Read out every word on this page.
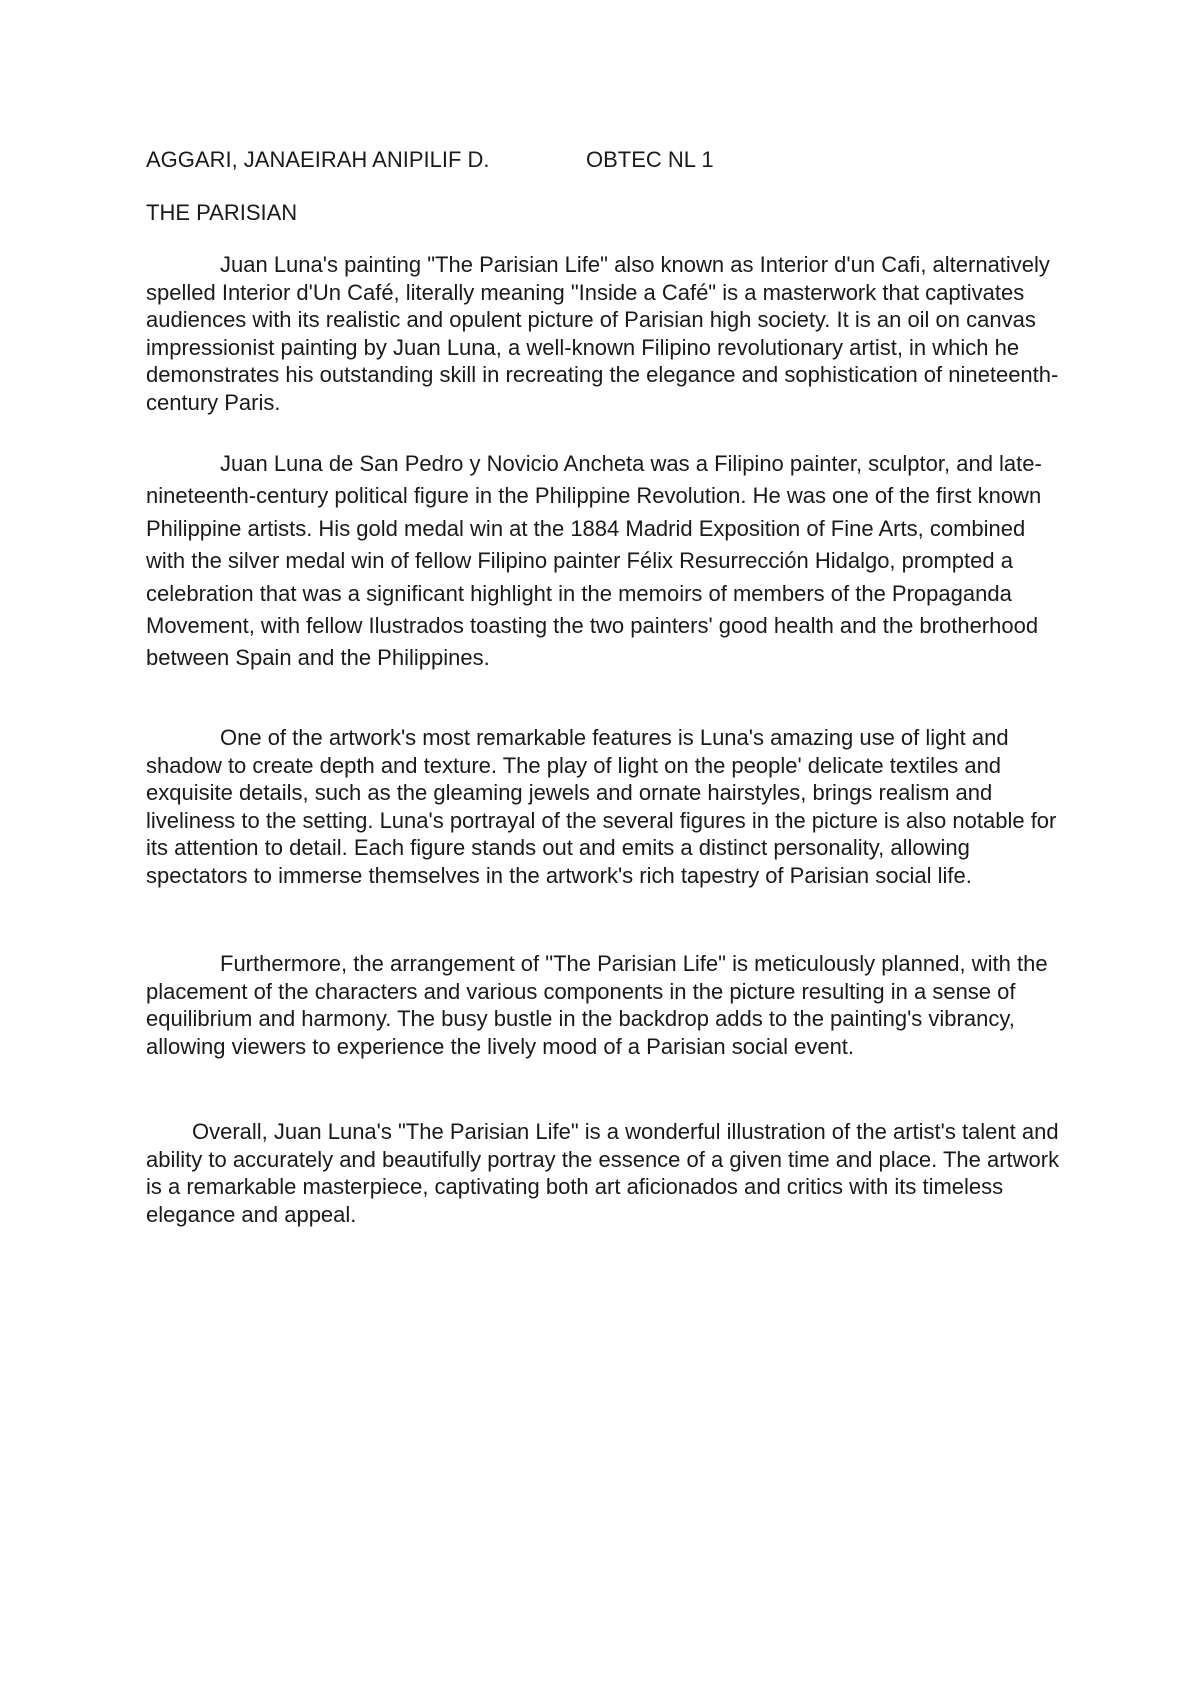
AGGARI, JANAEIRAH ANIPILIF D.	OBTEC NL 1
THE PARISIAN

Juan Luna's painting "The Parisian Life" also known as Interior d'un Cafi, alternatively spelled Interior d'Un Café, literally meaning "Inside a Café" is a masterwork that captivates audiences with its realistic and opulent picture of Parisian high society. It is an oil on canvas impressionist painting by Juan Luna, a well-known Filipino revolutionary artist, in which he demonstrates his outstanding skill in recreating the elegance and sophistication of nineteenth-century Paris.

Juan Luna de San Pedro y Novicio Ancheta was a Filipino painter, sculptor, and late-nineteenth-century political figure in the Philippine Revolution. He was one of the first known Philippine artists. His gold medal win at the 1884 Madrid Exposition of Fine Arts, combined with the silver medal win of fellow Filipino painter Félix Resurrección Hidalgo, prompted a celebration that was a significant highlight in the memoirs of members of the Propaganda Movement, with fellow Ilustrados toasting the two painters' good health and the brotherhood between Spain and the Philippines.

One of the artwork's most remarkable features is Luna's amazing use of light and shadow to create depth and texture. The play of light on the people' delicate textiles and exquisite details, such as the gleaming jewels and ornate hairstyles, brings realism and liveliness to the setting. Luna's portrayal of the several figures in the picture is also notable for its attention to detail. Each figure stands out and emits a distinct personality, allowing spectators to immerse themselves in the artwork's rich tapestry of Parisian social life.

Furthermore, the arrangement of "The Parisian Life" is meticulously planned, with the placement of the characters and various components in the picture resulting in a sense of equilibrium and harmony. The busy bustle in the backdrop adds to the painting's vibrancy, allowing viewers to experience the lively mood of a Parisian social event.

Overall, Juan Luna's "The Parisian Life" is a wonderful illustration of the artist's talent and ability to accurately and beautifully portray the essence of a given time and place. The artwork is a remarkable masterpiece, captivating both art aficionados and critics with its timeless elegance and appeal.
